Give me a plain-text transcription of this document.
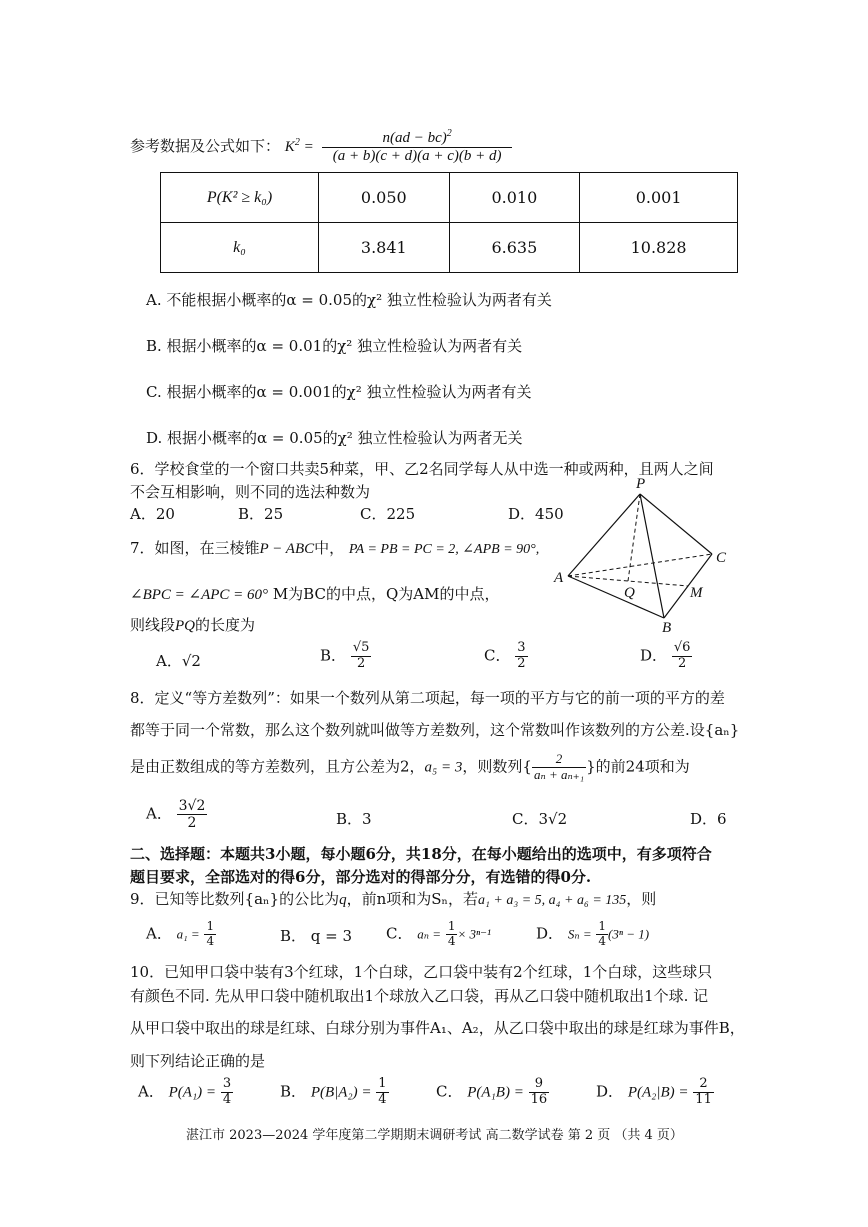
参考数据及公式如下： $K^2 = \frac{n(ad - bc)^2}{(a + b)(c + d)(a + c)(b + d)}$
P(K² ≥ k₀)	0.050	0.010	0.001
k₀	3.841	6.635	10.828
A. 不能根据小概率的α = 0.05的χ² 独立性检验认为两者有关
B. 根据小概率的α = 0.01的χ² 独立性检验认为两者有关
C. 根据小概率的α = 0.001的χ² 独立性检验认为两者有关
D. 根据小概率的α = 0.05的χ² 独立性检验认为两者无关
6．学校食堂的一个窗口共卖5种菜，甲、乙2名同学每人从中选一种或两种，且两人之间
不会互相影响，则不同的选法种数为
A．20	B．25	C．225	D．450
7．如图，在三棱锥P − ABC中， PA = PB = PC = 2, ∠APB = 90°,
∠BPC = ∠APC = 60° M为BC的中点，Q为AM的中点，
则线段PQ的长度为
A．√2	B． $\frac{√5}{2}$	C． $\frac{3}{2}$	D． $\frac{√6}{2}$
P
A
B
C
M
Q
8．定义“等方差数列”：如果一个数列从第二项起，每一项的平方与它的前一项的平方的差
都等于同一个常数，那么这个数列就叫做等方差数列，这个常数叫作该数列的方公差.设{aₙ}
是由正数组成的等方差数列，且方公差为2，a₅ = 3，则数列{ $\frac{2}{\text{aₙ + aₙ₊₁}}$ }的前24项和为
A． $\frac{3√2}{2}$	B．3	C．3√2	D．6
二、选择题：本题共3小题，每小题6分，共18分，在每小题给出的选项中，有多项符合
题目要求，全部选对的得6分，部分选对的得部分分，有选错的得0分.
9．已知等比数列{aₙ}的公比为q，前n项和为Sₙ，若a₁ + a₃ = 5, a₄ + a₆ = 135，则
A． $a_1 = \frac{1}{4}$	B． q = 3 C． $a_n = \frac{1}{4} \times 3^{n-1}$	D． $S_n = \frac{1}{4} (3^n - 1)$
10．已知甲口袋中装有3个红球，1个白球，乙口袋中装有2个红球，1个白球，这些球只
有颜色不同. 先从甲口袋中随机取出1个球放入乙口袋，再从乙口袋中随机取出1个球. 记
从甲口袋中取出的球是红球、白球分别为事件A₁、A₂，从乙口袋中取出的球是红球为事件B，
则下列结论正确的是
A． $P(A_1) = \frac{3}{4}$	B． $P(B|A_2) = \frac{1}{4}$	C． $P(A_1B) = \frac{9}{16}$	D． $P(A_2|B) = \frac{2}{11}$
湛江市 2023—2024 学年度第二学期期末调研考试 高二数学试卷 第 2 页 （共 4 页）
